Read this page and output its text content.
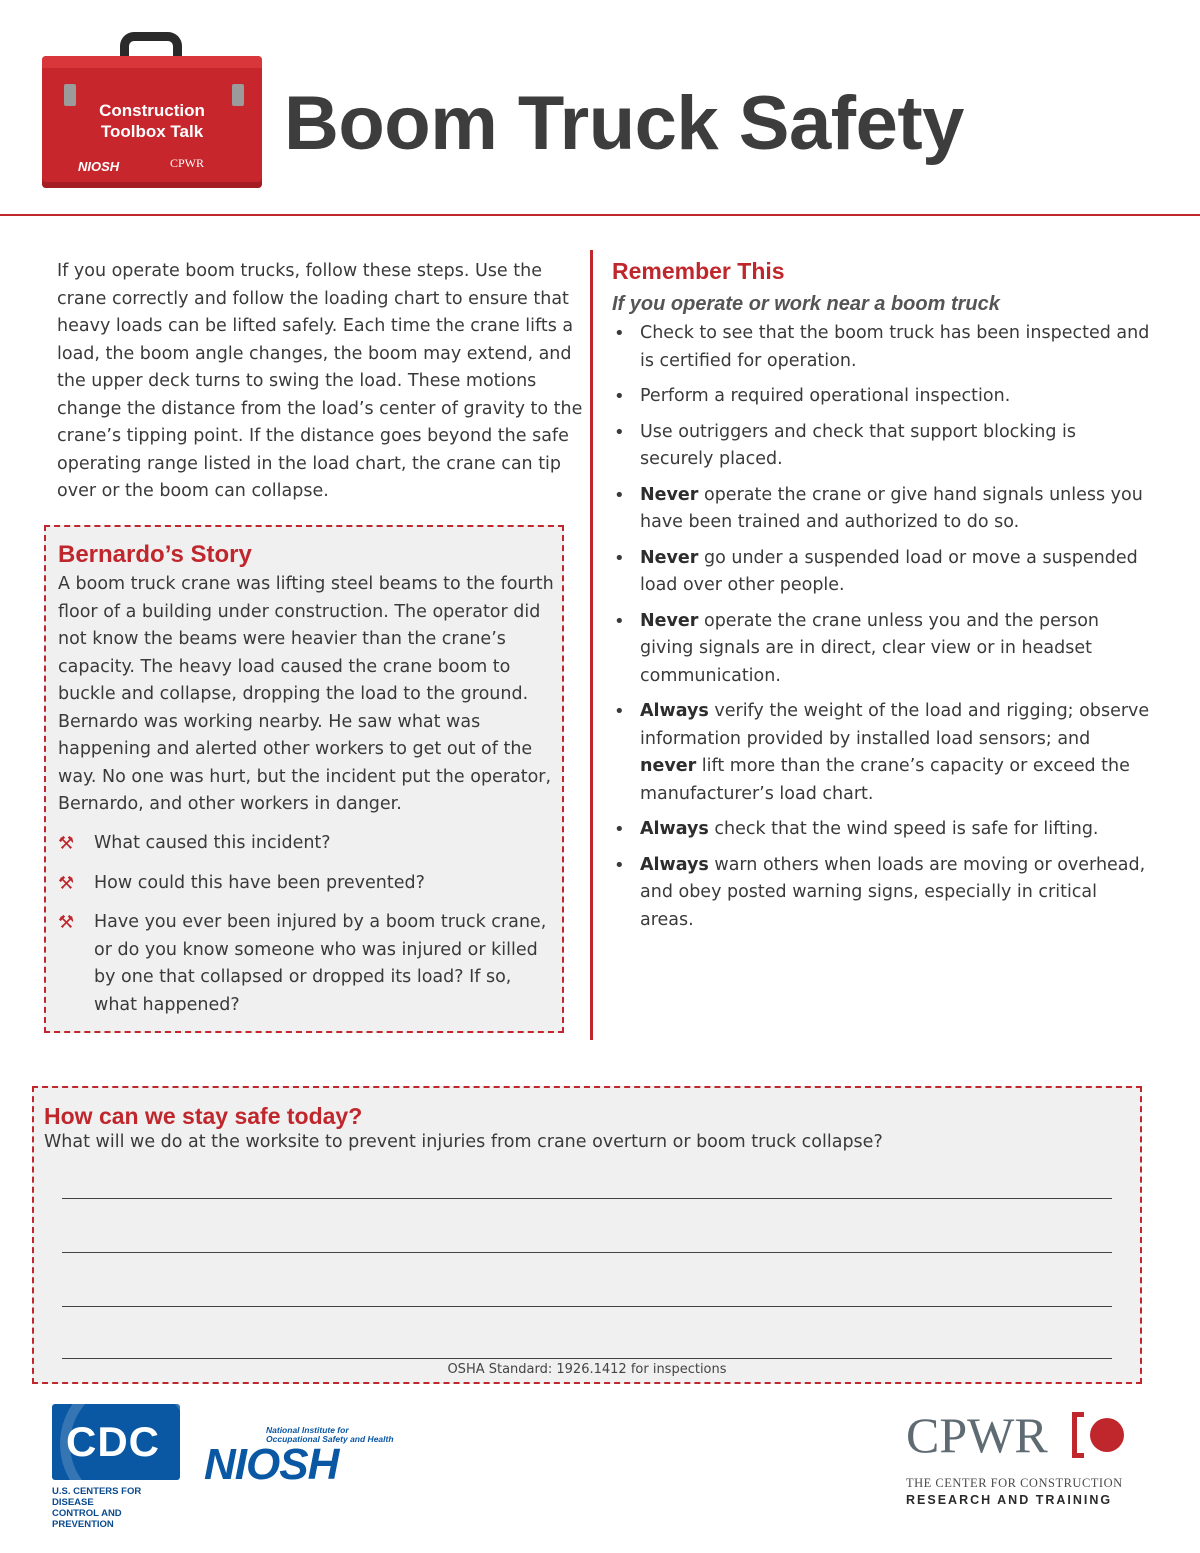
Construction
Toolbox Talk
NIOSH	CPWR Boom Truck Safety

If you operate boom trucks, follow these steps. Use the crane correctly and follow the loading chart to ensure that heavy loads can be lifted safely. Each time the crane lifts a load, the boom angle changes, the boom may extend, and the upper deck turns to swing the load. These motions change the distance from the load’s center of gravity to the crane’s tipping point. If the distance goes beyond the safe operating range listed in the load chart, the crane can tip over or the boom can collapse.

Bernardo’s Story
A boom truck crane was lifting steel beams to the fourth floor of a building under construction. The operator did not know the beams were heavier than the crane’s capacity. The heavy load caused the crane boom to buckle and collapse, dropping the load to the ground. Bernardo was working nearby. He saw what was happening and alerted other workers to get out of the way. No one was hurt, but the incident put the operator, Bernardo, and other workers in danger.
⚒	What caused this incident?
⚒	How could this have been prevented?
⚒	Have you ever been injured by a boom truck crane, or do you know someone who was injured or killed by one that collapsed or dropped its load? If so, what happened?
Remember This
If you operate or work near a boom truck
• Check to see that the boom truck has been inspected and is certified for operation.
• Perform a required operational inspection.
• Use outriggers and check that support blocking is securely placed.
• Never operate the crane or give hand signals unless you have been trained and authorized to do so.
• Never go under a suspended load or move a suspended load over other people.
• Never operate the crane unless you and the person giving signals are in direct, clear view or in headset communication.
• Always verify the weight of the load and rigging; observe information provided by installed load sensors; and never lift more than the crane’s capacity or exceed the manufacturer’s load chart.
• Always check that the wind speed is safe for lifting.
• Always warn others when loads are moving or overhead, and obey posted warning signs, especially in critical areas.
How can we stay safe today?
What will we do at the worksite to prevent injuries from crane overturn or boom truck collapse?
OSHA Standard: 1926.1412 for inspections
CDC
U.S. CENTERS FOR DISEASE
CONTROL AND PREVENTION
National Institute for
Occupational Safety and Health
NIOSH
CPWR
THE CENTER FOR CONSTRUCTION
RESEARCH AND TRAINING
